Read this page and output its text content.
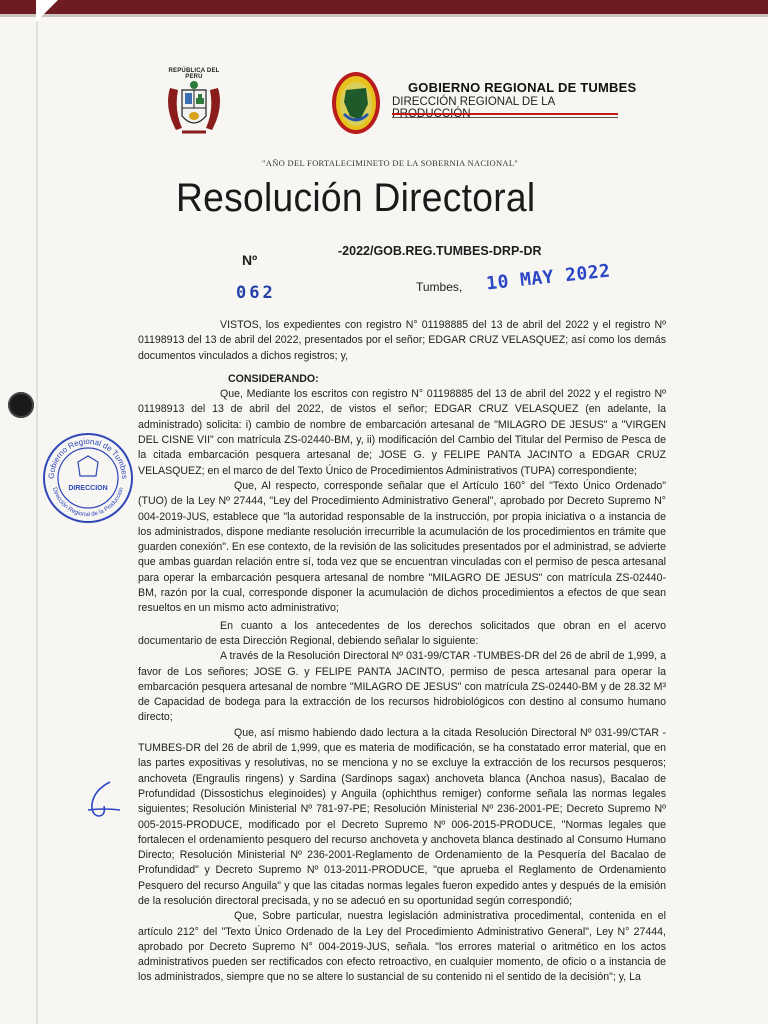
REPÚBLICA DEL PERÚ
GOBIERNO REGIONAL DE TUMBES
DIRECCIÓN REGIONAL DE LA
"AÑO DEL FORTALECIMINETO DE LA SOBERNIA NACIONAL"
Resolución Directoral
Nº
-2022/GOB.REG.TUMBES-DRP-DR
062	Tumbes, 10 MAY 2022
Gobierno Regional de Tumbes
Dirección Regional de la Producción
DIRECCION

VISTOS, los expedientes con registro N° 01198885 del 13 de abril del 2022 y el registro Nº 01198913 del 13 de abril del 2022, presentados por el señor; EDGAR CRUZ VELASQUEZ; así como los demás documentos vinculados a dichos registros; y,

CONSIDERANDO:

Que, Mediante los escritos con registro N° 01198885 del 13 de abril del 2022 y el registro Nº 01198913 del 13 de abril del 2022, de vistos el señor; EDGAR CRUZ VELASQUEZ (en adelante, la administrado) solicita: i) cambio de nombre de embarcación artesanal de "MILAGRO DE JESUS" a "VIRGEN DEL CISNE VII" con matrícula ZS-02440-BM, y, ii) modificación del Cambio del Titular del Permiso de Pesca de la citada embarcación pesquera artesanal de; JOSE G. y FELIPE PANTA JACINTO a EDGAR CRUZ VELASQUEZ; en el marco de del Texto Único de Procedimientos Administrativos (TUPA) correspondiente;

Que, Al respecto, corresponde señalar que el Artículo 160° del "Texto Único Ordenado" (TUO) de la Ley Nº 27444, "Ley del Procedimiento Administrativo General", aprobado por Decreto Supremo N° 004-2019-JUS, establece que "la autoridad responsable de la instrucción, por propia iniciativa o a instancia de los administrados, dispone mediante resolución irrecurrible la acumulación de los procedimientos en trámite que guarden conexión". En ese contexto, de la revisión de las solicitudes presentados por el administrad, se advierte que ambas guardan relación entre sí, toda vez que se encuentran vinculadas con el permiso de pesca artesanal para operar la embarcación pesquera artesanal de nombre "MILAGRO DE JESUS" con matrícula ZS-02440-BM, razón por la cual, corresponde disponer la acumulación de dichos procedimientos a efectos de que sean resueltos en un mismo acto administrativo;

En cuanto a los antecedentes de los derechos solicitados que obran en el acervo documentario de esta Dirección Regional, debiendo señalar lo siguiente:

A través de la Resolución Directoral Nº 031-99/CTAR -TUMBES-DR del 26 de abril de 1,999, a favor de Los señores; JOSE G. y FELIPE PANTA JACINTO, permiso de pesca artesanal para operar la embarcación pesquera artesanal de nombre "MILAGRO DE JESUS" con matrícula ZS-02440-BM y de 28.32 M³ de Capacidad de bodega para la extracción de los recursos hidrobiológicos con destino al consumo humano directo;

Que, así mismo habiendo dado lectura a la citada Resolución Directoral Nº 031-99/CTAR - TUMBES-DR del 26 de abril de 1,999, que es materia de modificación, se ha constatado error material, que en las partes expositivas y resolutivas, no se menciona y no se excluye la extracción de los recursos pesqueros; anchoveta (Engraulis ringens) y Sardina (Sardinops sagax) anchoveta blanca (Anchoa nasus), Bacalao de Profundidad (Dissostichus eleginoides) y Anguila (ophichthus remiger) conforme señala las normas legales siguientes; Resolución Ministerial Nº 781-97-PE; Resolución Ministerial Nº 236-2001-PE; Decreto Supremo Nº 005-2015-PRODUCE, modificado por el Decreto Supremo Nº 006-2015-PRODUCE, "Normas legales que fortalecen el ordenamiento pesquero del recurso anchoveta y anchoveta blanca destinado al Consumo Humano Directo; Resolución Ministerial Nº 236-2001-Reglamento de Ordenamiento de la Pesquería del Bacalao de Profundidad" y Decreto Supremo Nº 013-2011-PRODUCE, "que aprueba el Reglamento de Ordenamiento Pesquero del recurso Anguila" y que las citadas normas legales fueron expedido antes y después de la emisión de la resolución directoral precisada, y no se adecuó en su oportunidad según correspondió;

Que, Sobre particular, nuestra legislación administrativa procedimental, contenida en el artículo 212° del "Texto Único Ordenado de la Ley del Procedimiento Administrativo General", Ley N° 27444, aprobado por Decreto Supremo N° 004-2019-JUS, señala. "los errores material o aritmético en los actos administrativos pueden ser rectificados con efecto retroactivo, en cualquier momento, de oficio o a instancia de los administrados, siempre que no se altere lo sustancial de su contenido ni el sentido de la decisión"; y, La
